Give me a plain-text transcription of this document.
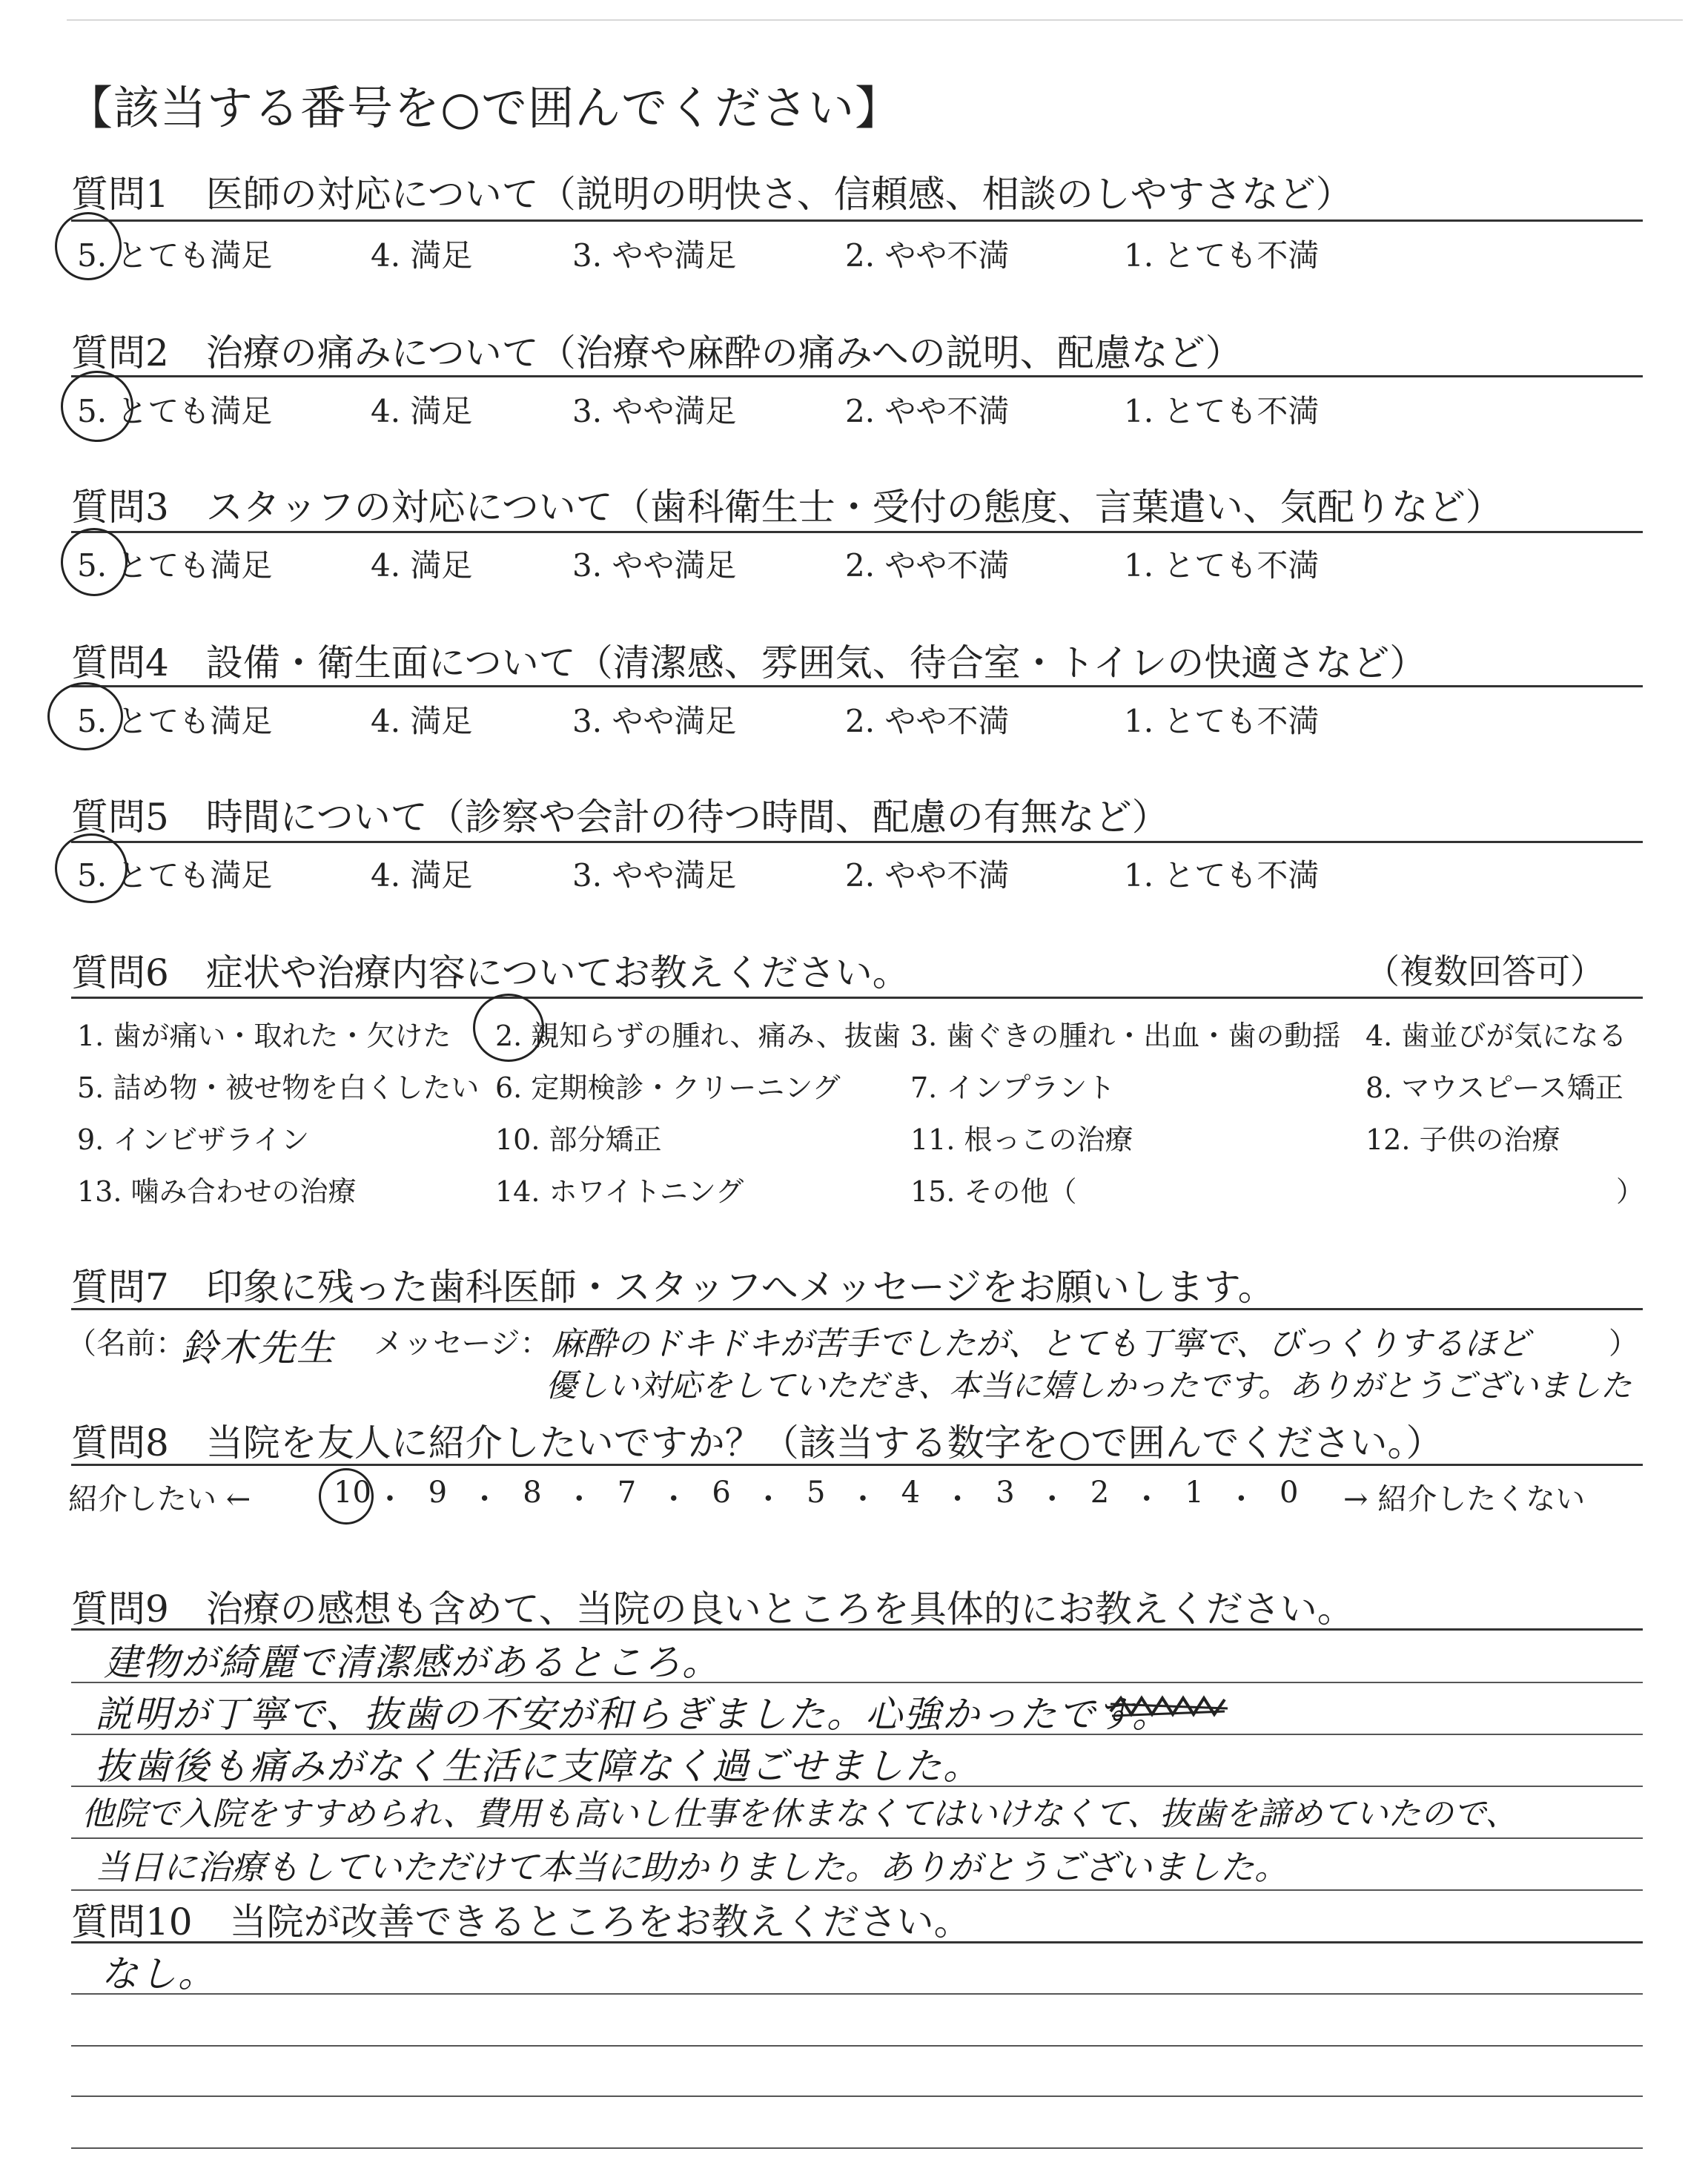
【該当する番号を○で囲んでください】
質問1　医師の対応について（説明の明快さ、信頼感、相談のしやすさなど）
5. とても満足	4. 満足	3. やや満足	2. やや不満	1. とても不満
質問2　治療の痛みについて（治療や麻酔の痛みへの説明、配慮など）
5. とても満足	4. 満足	3. やや満足	2. やや不満	1. とても不満
質問3　スタッフの対応について（歯科衛生士・受付の態度、言葉遣い、気配りなど）
5. とても満足	4. 満足	3. やや満足	2. やや不満	1. とても不満
質問4　設備・衛生面について（清潔感、雰囲気、待合室・トイレの快適さなど）
5. とても満足	4. 満足	3. やや満足	2. やや不満	1. とても不満
質問5　時間について（診察や会計の待つ時間、配慮の有無など）
5. とても満足	4. 満足	3. やや満足	2. やや不満	1. とても不満
質問6　症状や治療内容についてお教えください。	（複数回答可）
1. 歯が痛い・取れた・欠けた 2. 親知らずの腫れ、痛み、抜歯 3. 歯ぐきの腫れ・出血・歯の動揺 4. 歯並びが気になる
5. 詰め物・被せ物を白くしたい 6. 定期検診・クリーニング 7. インプラント	8. マウスピース矯正
9. インビザライン	10. 部分矯正	11. 根っこの治療	12. 子供の治療
13. 噛み合わせの治療	14. ホワイトニング	15. その他（	）
質問7　印象に残った歯科医師・スタッフへメッセージをお願いします。
（名前：
鈴木先生 メッセージ： 麻酔のドキドキが苦手でしたが、とても丁寧で、びっくりするほど	）
優しい対応をしていただき、本当に嬉しかったです。ありがとうございました
質問8　当院を友人に紹介したいですか？（該当する数字を○で囲んでください。）
紹介したい ←	10 ・ 9 ・ 8 ・ 7 ・ 6 ・ 5 ・ 4 ・ 3 ・ 2 ・ 1 ・ 0 → 紹介したくない
質問9　治療の感想も含めて、当院の良いところを具体的にお教えください。
建物が綺麗で清潔感があるところ。
説明が丁寧で、抜歯の不安が和らぎました。心強かったです。
抜歯後も痛みがなく生活に支障なく過ごせました。
他院で入院をすすめられ、費用も高いし仕事を休まなくてはいけなくて、抜歯を諦めていたので、
当日に治療もしていただけて本当に助かりました。ありがとうございました。
質問10　当院が改善できるところをお教えください。
なし。
